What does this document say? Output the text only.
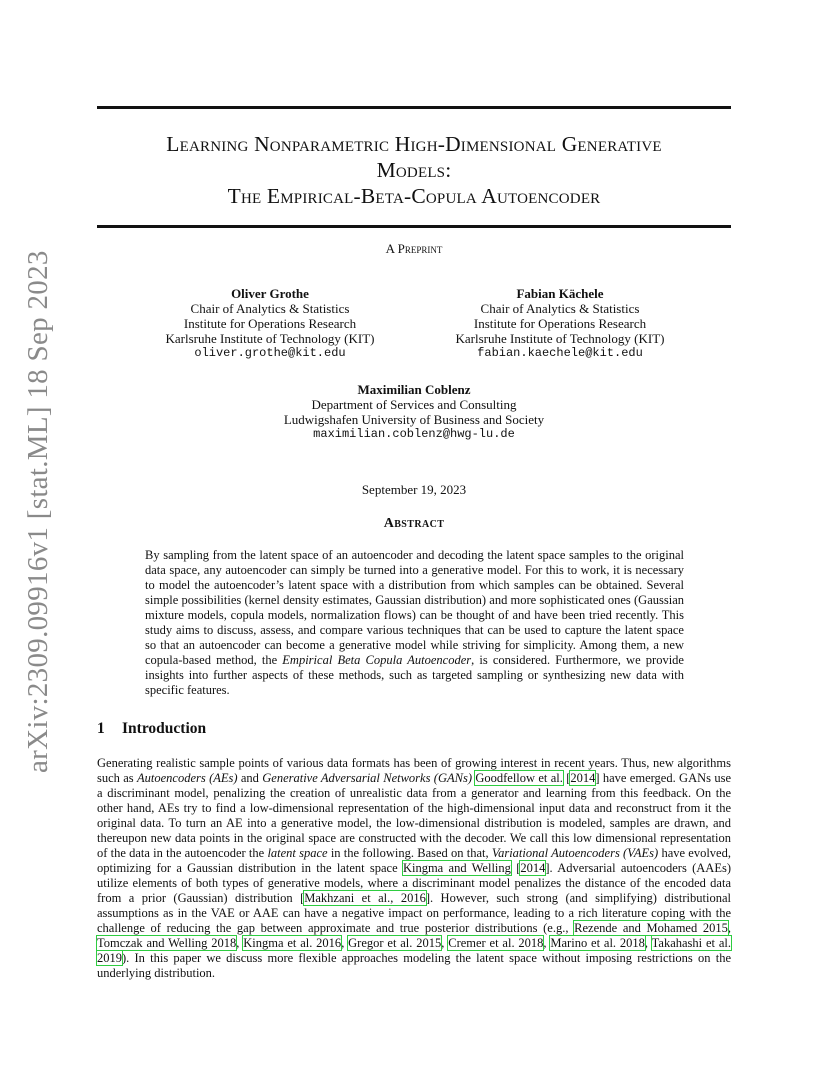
arXiv:2309.09916v1 [stat.ML] 18 Sep 2023
Learning Nonparametric High-Dimensional Generative
Models:
The Empirical-Beta-Copula Autoencoder
A Preprint
Oliver Grothe
Chair of Analytics & Statistics
Institute for Operations Research
Karlsruhe Institute of Technology (KIT)
oliver.grothe@kit.edu
Fabian Kächele
Chair of Analytics & Statistics
Institute for Operations Research
Karlsruhe Institute of Technology (KIT)
fabian.kaechele@kit.edu
Maximilian Coblenz
Department of Services and Consulting
Ludwigshafen University of Business and Society
maximilian.coblenz@hwg-lu.de
September 19, 2023
Abstract
By sampling from the latent space of an autoencoder and decoding the latent space samples to the original data space, any autoencoder can simply be turned into a generative model. For this to work, it is necessary to model the autoencoder’s latent space with a distribution from which samples can be obtained. Several simple possibilities (kernel density estimates, Gaussian distribution) and more sophisticated ones (Gaussian mixture models, copula models, normalization flows) can be thought of and have been tried recently. This study aims to discuss, assess, and compare various techniques that can be used to capture the latent space so that an autoencoder can become a generative model while striving for simplicity. Among them, a new copula-based method, the Empirical Beta Copula Autoencoder, is considered. Furthermore, we provide insights into further aspects of these methods, such as targeted sampling or synthesizing new data with specific features.
1 Introduction
Generating realistic sample points of various data formats has been of growing interest in recent years. Thus, new algorithms such as Autoencoders (AEs) and Generative Adversarial Networks (GANs) Goodfellow et al. [2014] have emerged. GANs use a discriminant model, penalizing the creation of unrealistic data from a generator and learning from this feedback. On the other hand, AEs try to find a low-dimensional representation of the high-dimensional input data and reconstruct from it the original data. To turn an AE into a generative model, the low-dimensional distribution is modeled, samples are drawn, and thereupon new data points in the original space are constructed with the decoder. We call this low dimensional representation of the data in the autoencoder the latent space in the following. Based on that, Variational Autoencoders (VAEs) have evolved, optimizing for a Gaussian distribution in the latent space Kingma and Welling [2014]. Adversarial autoencoders (AAEs) utilize elements of both types of generative models, where a discriminant model penalizes the distance of the encoded data from a prior (Gaussian) distribution [Makhzani et al., 2016]. However, such strong (and simplifying) distributional assumptions as in the VAE or AAE can have a negative impact on performance, leading to a rich literature coping with the challenge of reducing the gap between approximate and true posterior distributions (e.g., Rezende and Mohamed 2015, Tomczak and Welling 2018, Kingma et al. 2016, Gregor et al. 2015, Cremer et al. 2018, Marino et al. 2018, Takahashi et al. 2019). In this paper we discuss more flexible approaches modeling the latent space without imposing restrictions on the underlying distribution.
